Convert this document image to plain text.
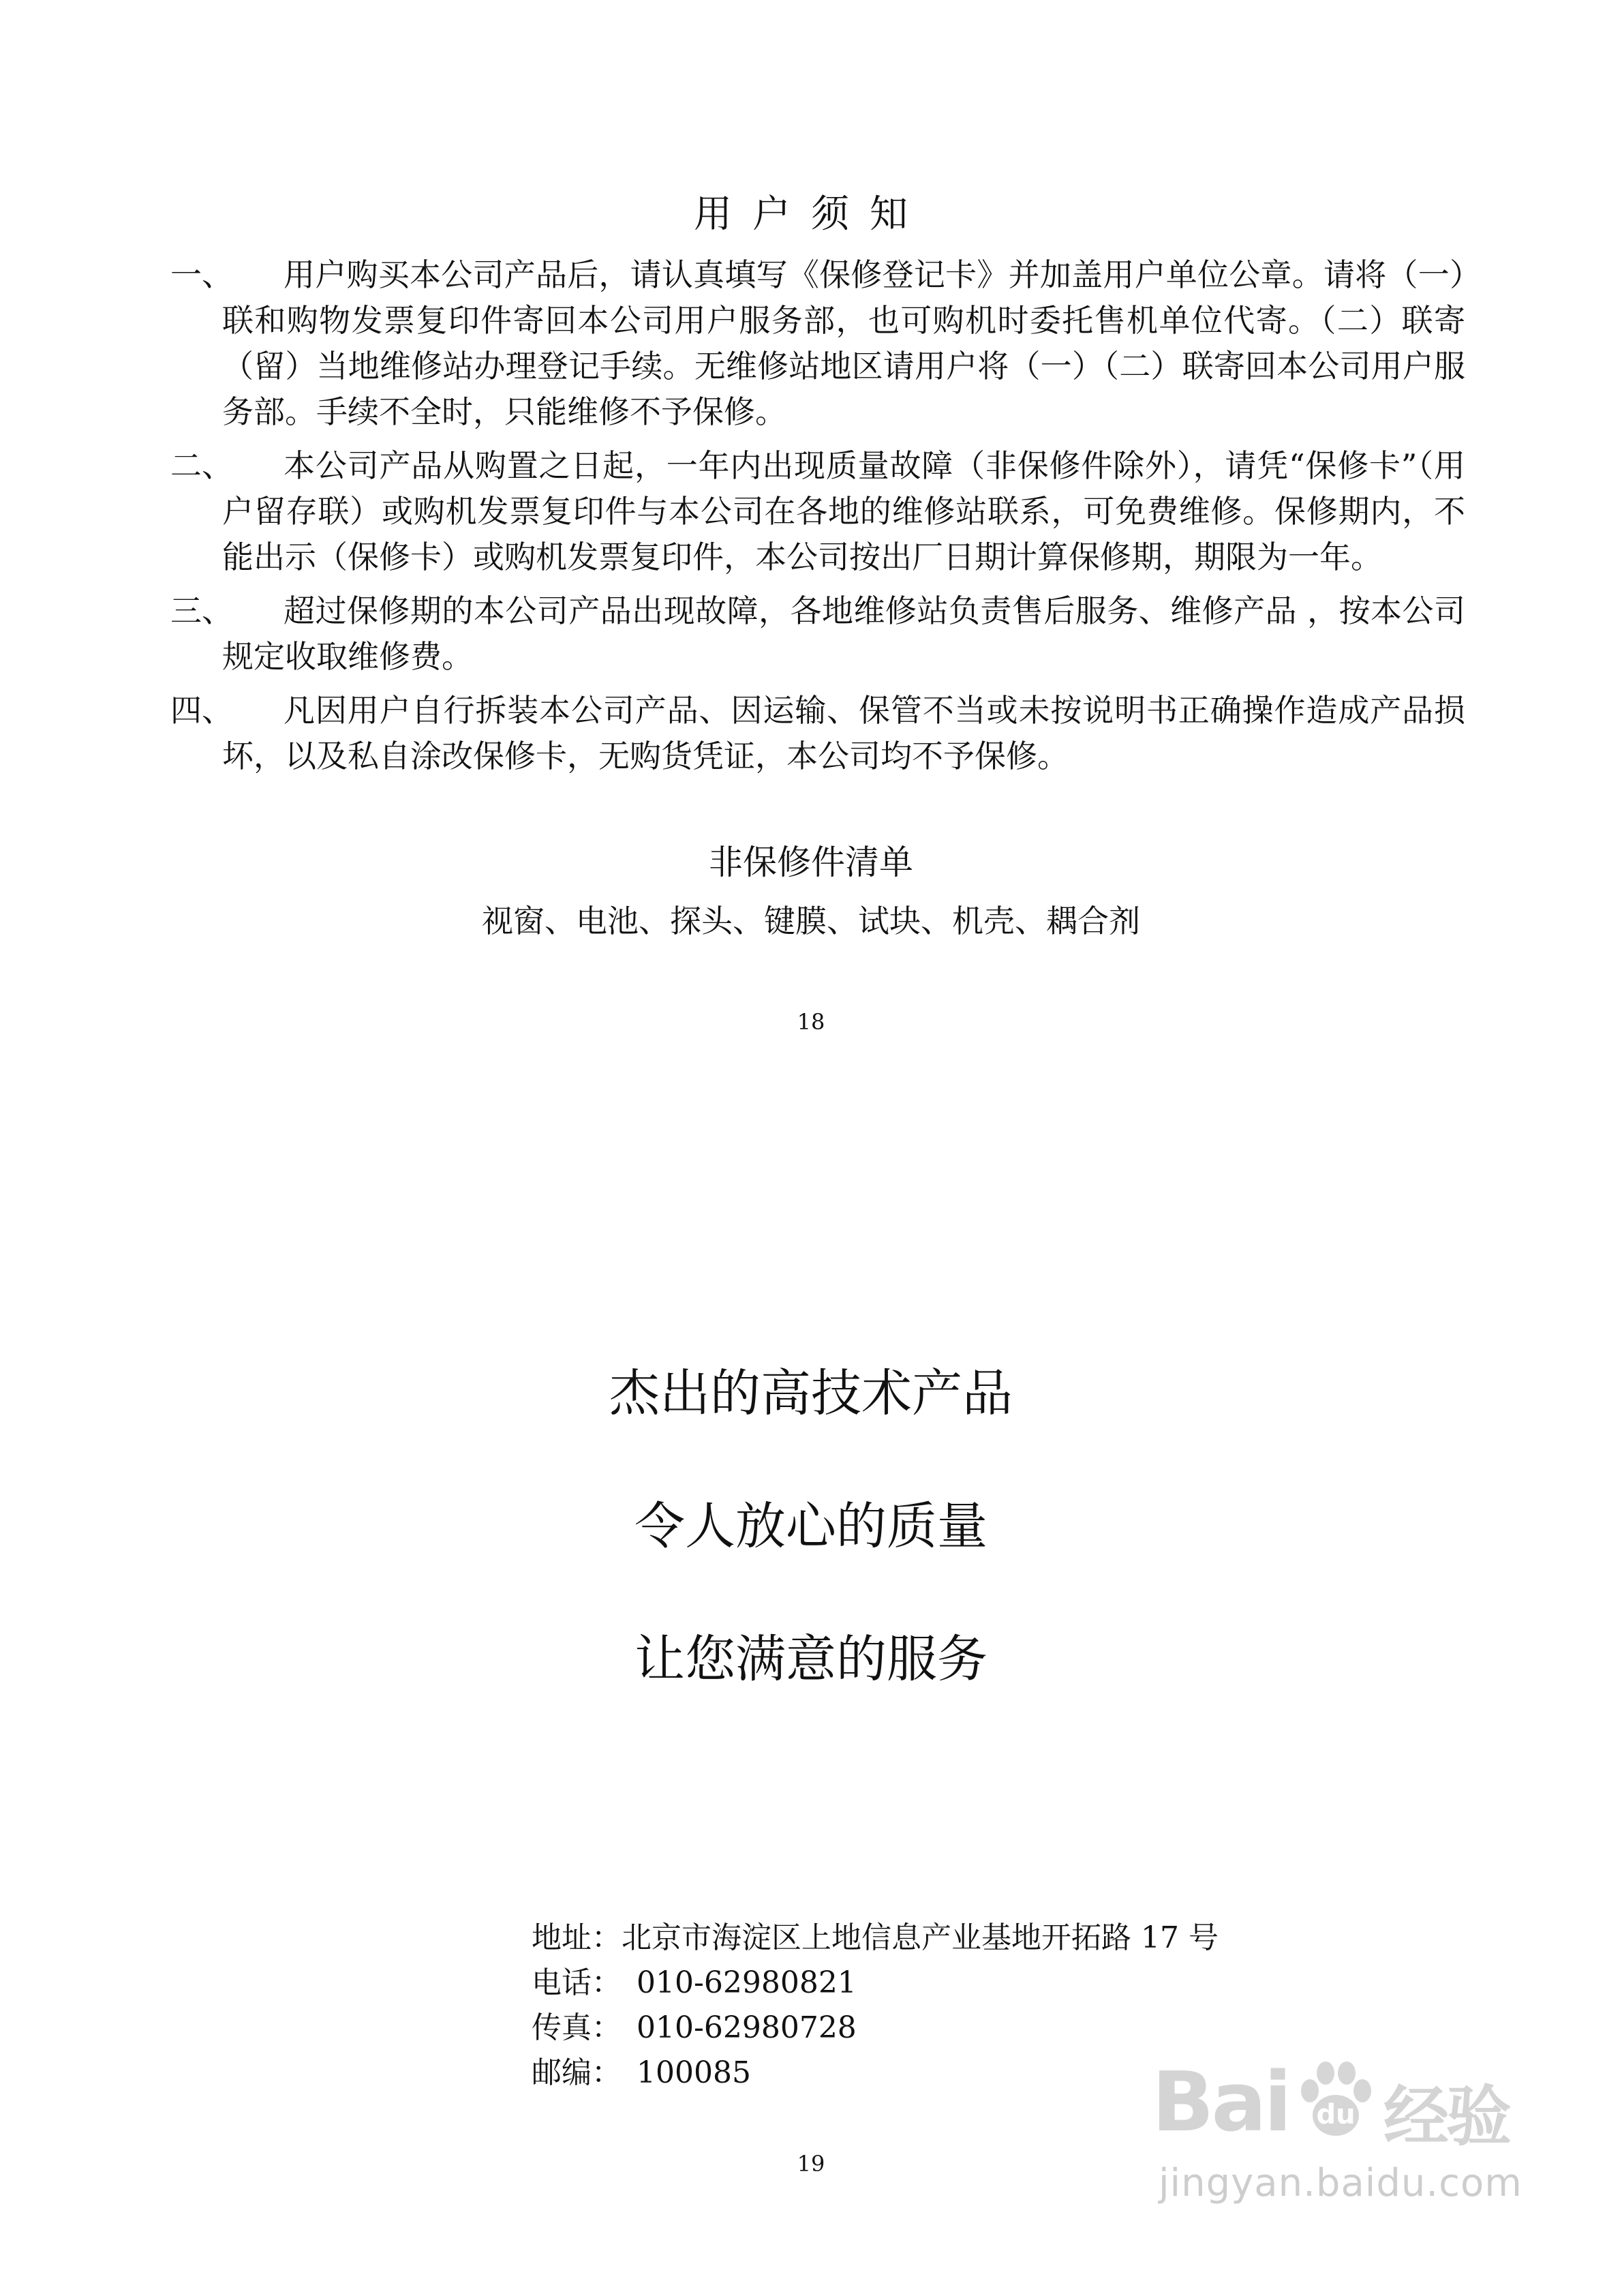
用户须知
一、	用户购买本公司产品后，请认真填写《保修登记卡》并加盖用户单位公章。请将（一）联和购物发票复印件寄回本公司用户服务部，也可购机时委托售机单位代寄。（二）联寄（留）当地维修站办理登记手续。无维修站地区请用户将（一）（二）联寄回本公司用户服务部。手续不全时，只能维修不予保修。
二、	本公司产品从购置之日起，一年内出现质量故障（非保修件除外），请凭“保修卡”（用户留存联）或购机发票复印件与本公司在各地的维修站联系，可免费维修。保修期内，不能出示（保修卡）或购机发票复印件，本公司按出厂日期计算保修期，期限为一年。
三、	超过保修期的本公司产品出现故障，各地维修站负责售后服务、维修产品 ，按本公司规定收取维修费。
四、	凡因用户自行拆装本公司产品、因运输、保管不当或未按说明书正确操作造成产品损坏，以及私自涂改保修卡，无购货凭证，本公司均不予保修。
非保修件清单
视窗、电池、探头、键膜、试块、机壳、耦合剂
18
杰出的高技术产品
令人放心的质量
让您满意的服务
地址：北京市海淀区上地信息产业基地开拓路 17 号
电话： 010-62980821
传真： 010-62980728
邮编： 100085
19
Bai du 经验
jingyan.baidu.com
